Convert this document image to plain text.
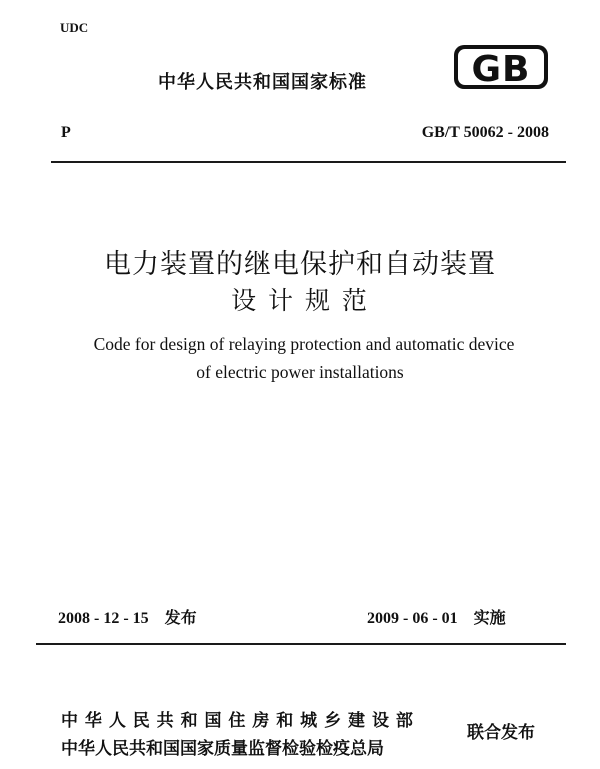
UDC
中华人民共和国国家标准	GB
P	GB/T 50062 - 2008
电力装置的继电保护和自动装置
设 计 规 范
Code for design of relaying protection and automatic device
of electric power installations
2008 - 12 - 15 发布	2009 - 06 - 01 实施
中 华 人 民 共 和 国 住 房 和 城 乡 建 设 部
中华人民共和国国家质量监督检验检疫总局
联合发布
